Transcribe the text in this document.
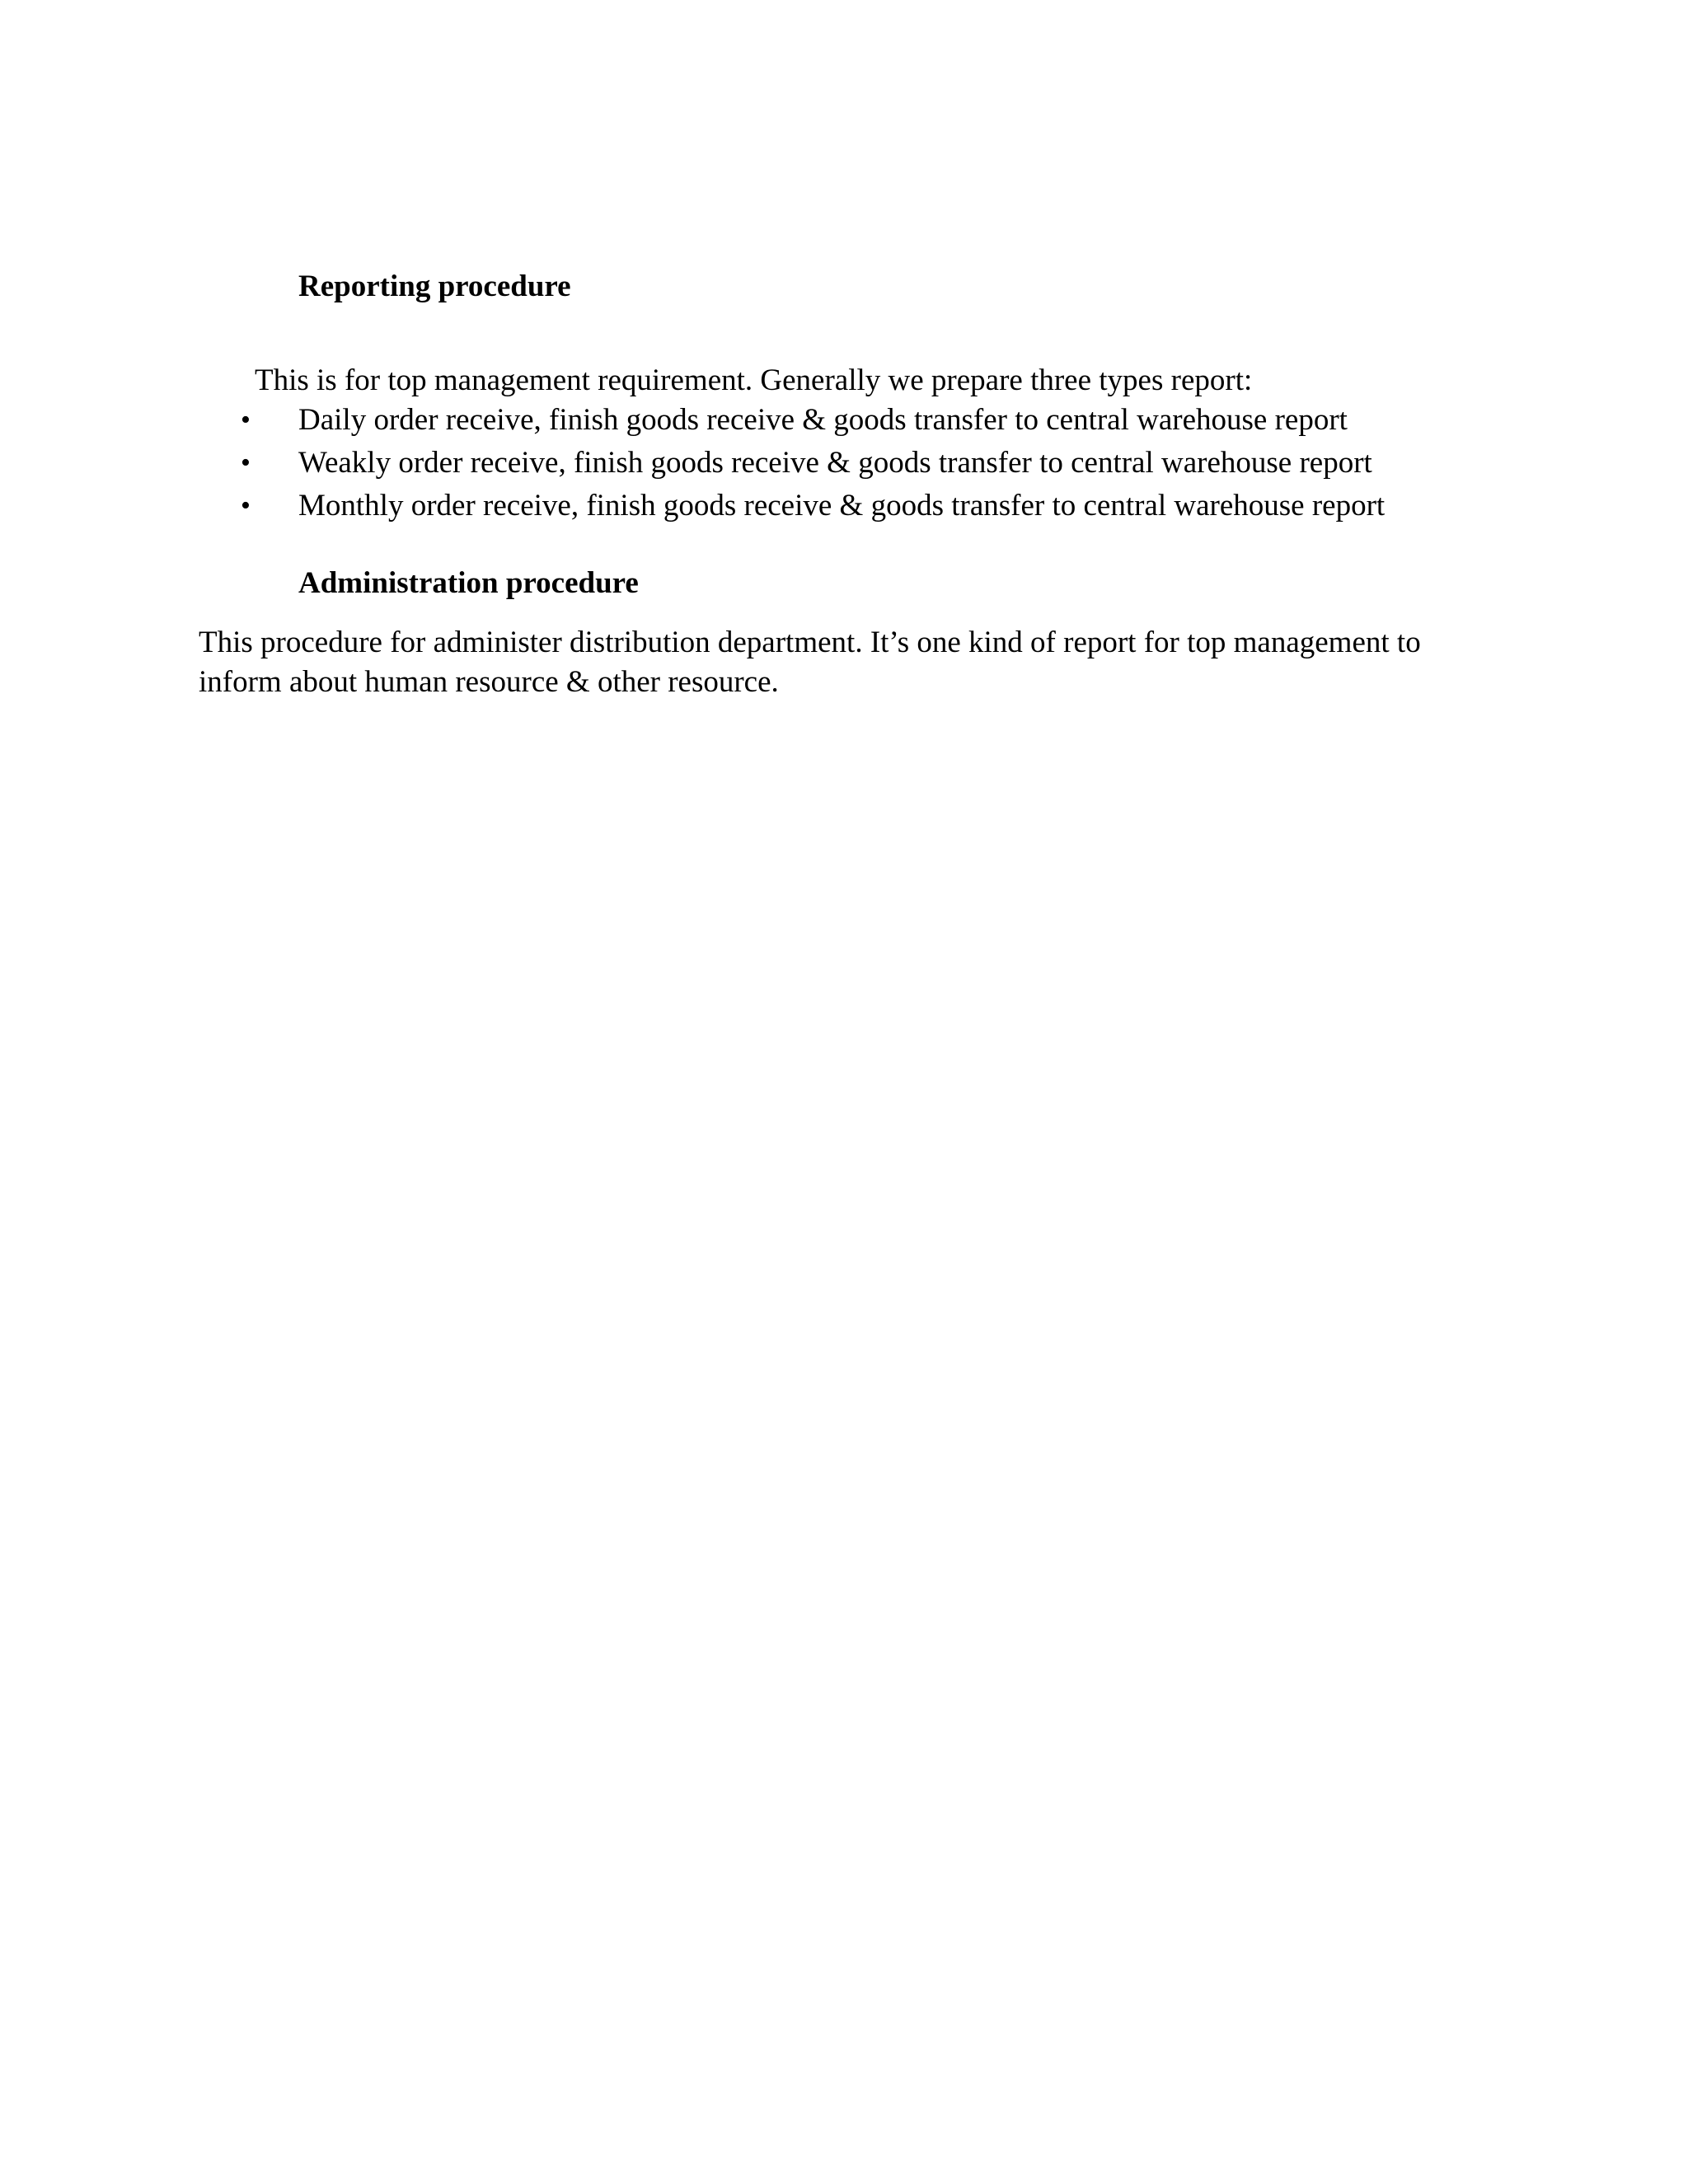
Reporting procedure
This is for top management requirement. Generally we prepare three types report:
•	Daily order receive, finish goods receive & goods transfer to central warehouse report
•	Weakly order receive, finish goods receive & goods transfer to central warehouse report
•	Monthly order receive, finish goods receive & goods transfer to central warehouse report
Administration procedure
This procedure for administer distribution department. It’s one kind of report for top management to
inform about human resource & other resource.
